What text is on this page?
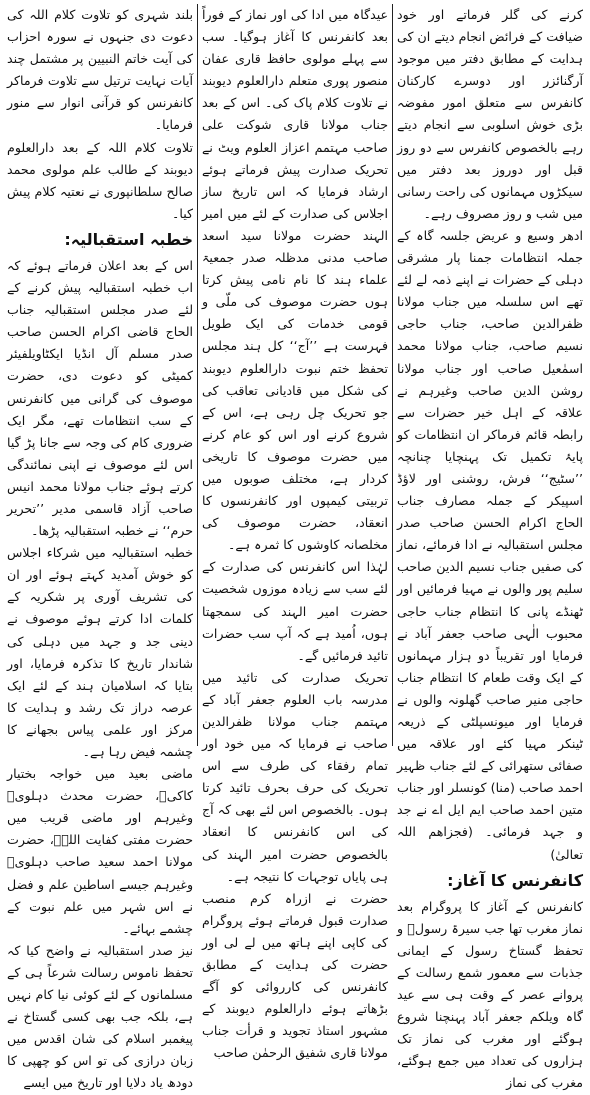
کرنے کی گلر فرماتے اور خود ضیافت کے فرائض انجام دیتے ان کی ہدایت کے مطابق دفتر میں موجود آرگنائزر اور دوسرے کارکنان کانفرس سے متعلق امور مفوضہ بڑی خوش اسلوبی سے انجام دیتے رہے بالخصوص کانفرس سے دو روز قبل اور دوروز بعد دفتر میں سیکڑوں مہمانوں کی راحت رسانی میں شب و روز مصروف رہے۔

ادھر وسیع و عریض جلسہ گاہ کے جملہ انتظامات جمنا پار مشرقی دہلی کے حضرات نے اپنے ذمہ لے لئے تھے اس سلسلہ میں جناب مولانا ظفرالدین صاحب، جناب حاجی نسیم صاحب، جناب مولانا محمد اسمٰعیل صاحب اور جناب مولانا روشن الدین صاحب وغیرہم نے علاقہ کے اہل خیر حضرات سے رابطہ قائم فرماکر ان انتظامات کو پایۂ تکمیل تک پہنچایا چنانچہ ’’سٹیج‘‘ فرش، روشنی اور لاؤڈ اسپیکر کے جملہ مصارف جناب الحاج اکرام الحسن صاحب صدر مجلس استقبالیہ نے ادا فرمائے، نماز کی صفیں جناب نسیم الدین صاحب سلیم پور والوں نے مہیا فرمائیں اور ٹھنڈے پانی کا انتظام جناب حاجی محبوب الٰہی صاحب جعفر آباد نے فرمایا اور تقریباً دو ہزار مہمانوں کے ایک وقت طعام کا انتظام جناب حاجی منیر صاحب گھلونہ والوں نے فرمایا اور میونسپلٹی کے ذریعہ ٹینکر مہیا کئے اور علاقہ میں صفائی ستھرائی کے لئے جناب ظہیر احمد صاحب (منا) کونسلر اور جناب متین احمد صاحب ایم ایل اے نے جد و جہد فرمائی۔ (فجزاھم اللہ تعالیٰ)

کانفرنس کا آغاز:

کانفرنس کے آغاز کا پروگرام بعد نماز مغرب تھا جب سیرۃ رسولؐ و تحفظ گستاخ رسول کے ایمانی جذبات سے معمور شمع رسالت کے پروانے عصر کے وقت ہی سے عید گاہ ویلکم جعفر آباد پہنچنا شروع ہوگئے اور مغرب کی نماز تک ہزاروں کی تعداد میں جمع ہوگئے، مغرب کی نماز

عیدگاہ میں ادا کی اور نماز کے فوراً بعد کانفرنس کا آغاز ہوگیا۔ سب سے پہلے مولوی حافظ قاری عفان منصور پوری متعلم دارالعلوم دیوبند نے تلاوت کلام پاک کی۔ اس کے بعد جناب مولانا قاری شوکت علی صاحب مہتمم اعزاز العلوم ویٹ نے تحریک صدارت پیش فرماتے ہوئے ارشاد فرمایا کہ اس تاریخ ساز اجلاس کی صدارت کے لئے میں امیر الہند حضرت مولانا سید اسعد صاحب مدنی مدظلہ صدر جمعیۃ علماء ہند کا نام نامی پیش کرتا ہوں حضرت موصوف کی ملّی و قومی خدمات کی ایک طویل فہرست ہے ’’آج‘‘ کل ہند مجلس تحفظ ختم نبوت دارالعلوم دیوبند کی شکل میں قادیانی تعاقب کی جو تحریک چل رہی ہے، اس کے شروع کرنے اور اس کو عام کرنے میں حضرت موصوف کا تاریخی کردار ہے، مختلف صوبوں میں تربیتی کیمپوں اور کانفرنسوں کا انعقاد، حضرت موصوف کی مخلصانہ کاوشوں کا ثمرہ ہے۔

لہٰذا اس کانفرنس کی صدارت کے لئے سب سے زیادہ موزوں شخصیت حضرت امیر الہند کی سمجھتا ہوں، اُمید ہے کہ آپ سب حضرات تائید فرمائیں گے۔

تحریک صدارت کی تائید میں مدرسہ باب العلوم جعفر آباد کے مہتمم جناب مولانا ظفرالدین صاحب نے فرمایا کہ میں خود اور تمام رفقاء کی طرف سے اس تحریک کی حرف بحرف تائید کرتا ہوں۔ بالخصوص اس لئے بھی کہ آج کی اس کانفرنس کا انعقاد بالخصوص حضرت امیر الہند کی ہی پایاں توجہات کا نتیجہ ہے۔

حضرت نے ازراہ کرم منصب صدارت قبول فرماتے ہوئے پروگرام کی کاپی اپنے ہاتھ میں لے لی اور حضرت کی ہدایت کے مطابق کانفرنس کی کارروائی کو آگے بڑھاتے ہوئے دارالعلوم دیوبند کے مشہور استاذ تجوید و قرأت جناب مولانا قاری شفیق الرحمٰن صاحب

بلند شہری کو تلاوت کلام اللہ کی دعوت دی جنہوں نے سورہ احزاب کی آیت خاتم النبیین پر مشتمل چند آیات نہایت ترتیل سے تلاوت فرماکر کانفرنس کو قرآنی انوار سے منور فرمایا۔

تلاوت کلام اللہ کے بعد دارالعلوم دیوبند کے طالب علم مولوی محمد صالح سلطانپوری نے نعتیہ کلام پیش کیا۔

خطبہ استقبالیہ:

اس کے بعد اعلان فرماتے ہوئے کہ اب خطبہ استقبالیہ پیش کرنے کے لئے صدر مجلس استقبالیہ جناب الحاج قاضی اکرام الحسن صاحب صدر مسلم آل انڈیا ایکٹاویلفیئر کمیٹی کو دعوت دی، حضرت موصوف کی گرانی میں کانفرنس کے سب انتظامات تھے، مگر ایک ضروری کام کی وجہ سے جانا پڑ گیا اس لئے موصوف نے اپنی نمائندگی کرتے ہوئے جناب مولانا محمد انیس صاحب آزاد قاسمی مدیر ’’تحریر حرم‘‘ نے خطبہ استقبالیہ پڑھا۔

خطبہ استقبالیہ میں شرکاء اجلاس کو خوش آمدید کہتے ہوئے اور ان کی تشریف آوری پر شکریہ کے کلمات ادا کرتے ہوئے موصوف نے دینی جد و جہد میں دہلی کی شاندار تاریخ کا تذکرہ فرمایا، اور بتایا کہ اسلامیان ہند کے لئے ایک عرصہ دراز تک رشد و ہدایت کا مرکز اور علمی پیاس بجھانے کا چشمہ فیض رہا ہے۔

ماضی بعید میں خواجہ بختیار کاکیؒ، حضرت محدث دہلویؒ وغیرہم اور ماضی قریب میں حضرت مفتی کفایت اللہؒ، حضرت مولانا احمد سعید صاحب دہلویؒ وغیرہم جیسے اساطین علم و فضل نے اس شہر میں علم نبوت کے چشمے بہائے۔

نیز صدر استقبالیہ نے واضح کیا کہ تحفظ ناموس رسالت شرعاً ہی کے مسلمانوں کے لئے کوئی نیا کام نہیں ہے، بلکہ جب بھی کسی گستاخ نے پیغمبر اسلام کی شان اقدس میں زبان درازی کی تو اس کو چھپی کا دودھ یاد دلایا اور تاریخ میں ایسے
